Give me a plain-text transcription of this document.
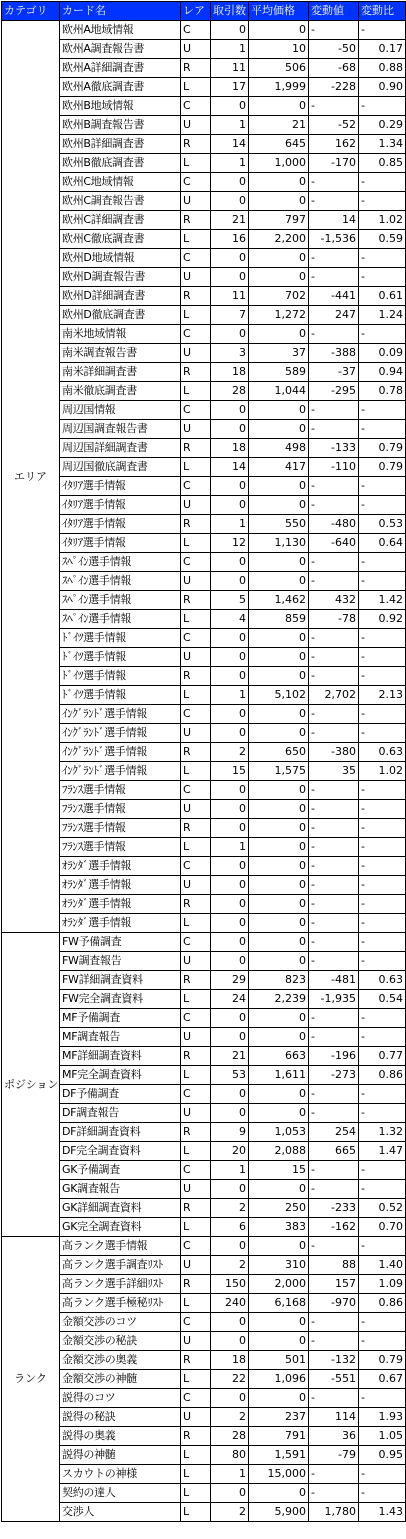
カテゴリ	カード名	レア	取引数	平均価格	変動値	変動比
エリア	欧州A地域情報	C	0	0	-	-
	欧州A調査報告書	U	1	10	-50	0.17
	欧州A詳細調査書	R	11	506	-68	0.88
	欧州A徹底調査書	L	17	1,999	-228	0.90
	欧州B地域情報	C	0	0	-	-
	欧州B調査報告書	U	1	21	-52	0.29
	欧州B詳細調査書	R	14	645	162	1.34
	欧州B徹底調査書	L	1	1,000	-170	0.85
	欧州C地域情報	C	0	0	-	-
	欧州C調査報告書	U	0	0	-	-
	欧州C詳細調査書	R	21	797	14	1.02
	欧州C徹底調査書	L	16	2,200	-1,536	0.59
	欧州D地域情報	C	0	0	-	-
	欧州D調査報告書	U	0	0	-	-
	欧州D詳細調査書	R	11	702	-441	0.61
	欧州D徹底調査書	L	7	1,272	247	1.24
	南米地域情報	C	0	0	-	-
	南米調査報告書	U	3	37	-388	0.09
	南米詳細調査書	R	18	589	-37	0.94
	南米徹底調査書	L	28	1,044	-295	0.78
	周辺国情報	C	0	0	-	-
	周辺国調査報告書	U	0	0	-	-
	周辺国詳細調査書	R	18	498	-133	0.79
	周辺国徹底調査書	L	14	417	-110	0.79
	ｲﾀﾘｱ選手情報	C	0	0	-	-
	ｲﾀﾘｱ選手情報	U	0	0	-	-
	ｲﾀﾘｱ選手情報	R	1	550	-480	0.53
	ｲﾀﾘｱ選手情報	L	12	1,130	-640	0.64
	ｽﾍﾟｲﾝ選手情報	C	0	0	-	-
	ｽﾍﾟｲﾝ選手情報	U	0	0	-	-
	ｽﾍﾟｲﾝ選手情報	R	5	1,462	432	1.42
	ｽﾍﾟｲﾝ選手情報	L	4	859	-78	0.92
	ﾄﾞｲﾂ選手情報	C	0	0	-	-
	ﾄﾞｲﾂ選手情報	U	0	0	-	-
	ﾄﾞｲﾂ選手情報	R	0	0	-	-
	ﾄﾞｲﾂ選手情報	L	1	5,102	2,702	2.13
	ｲﾝｸﾞﾗﾝﾄﾞ選手情報	C	0	0	-	-
	ｲﾝｸﾞﾗﾝﾄﾞ選手情報	U	0	0	-	-
	ｲﾝｸﾞﾗﾝﾄﾞ選手情報	R	2	650	-380	0.63
	ｲﾝｸﾞﾗﾝﾄﾞ選手情報	L	15	1,575	35	1.02
	ﾌﾗﾝｽ選手情報	C	0	0	-	-
	ﾌﾗﾝｽ選手情報	U	0	0	-	-
	ﾌﾗﾝｽ選手情報	R	0	0	-	-
	ﾌﾗﾝｽ選手情報	L	1	0	-	-
	ｵﾗﾝﾀﾞ選手情報	C	0	0	-	-
	ｵﾗﾝﾀﾞ選手情報	U	0	0	-	-
	ｵﾗﾝﾀﾞ選手情報	R	0	0	-	-
	ｵﾗﾝﾀﾞ選手情報	L	0	0	-	-
ポジション	FW予備調査	C	0	0	-	-
	FW調査報告	U	0	0	-	-
	FW詳細調査資料	R	29	823	-481	0.63
	FW完全調査資料	L	24	2,239	-1,935	0.54
	MF予備調査	C	0	0	-	-
	MF調査報告	U	0	0	-	-
	MF詳細調査資料	R	21	663	-196	0.77
	MF完全調査資料	L	53	1,611	-273	0.86
	DF予備調査	C	0	0	-	-
	DF調査報告	U	0	0	-	-
	DF詳細調査資料	R	9	1,053	254	1.32
	DF完全調査資料	L	20	2,088	665	1.47
	GK予備調査	C	1	15	-	-
	GK調査報告	U	0	0	-	-
	GK詳細調査資料	R	2	250	-233	0.52
	GK完全調査資料	L	6	383	-162	0.70
ランク	高ランク選手情報	C	0	0	-	-
	高ランク選手調査ﾘｽﾄ	U	2	310	88	1.40
	高ランク選手詳細ﾘｽﾄ	R	150	2,000	157	1.09
	高ランク選手極秘ﾘｽﾄ	L	240	6,168	-970	0.86
	金額交渉のコツ	C	0	0	-	-
	金額交渉の秘訣	U	0	0	-	-
	金額交渉の奥義	R	18	501	-132	0.79
	金額交渉の神髄	L	22	1,096	-551	0.67
	説得のコツ	C	0	0	-	-
	説得の秘訣	U	2	237	114	1.93
	説得の奥義	R	28	791	36	1.05
	説得の神髄	L	80	1,591	-79	0.95
	スカウトの神様	L	1	15,000	-	-
	契約の達人	L	0	0	-	-
	交渉人	L	2	5,900	1,780	1.43
